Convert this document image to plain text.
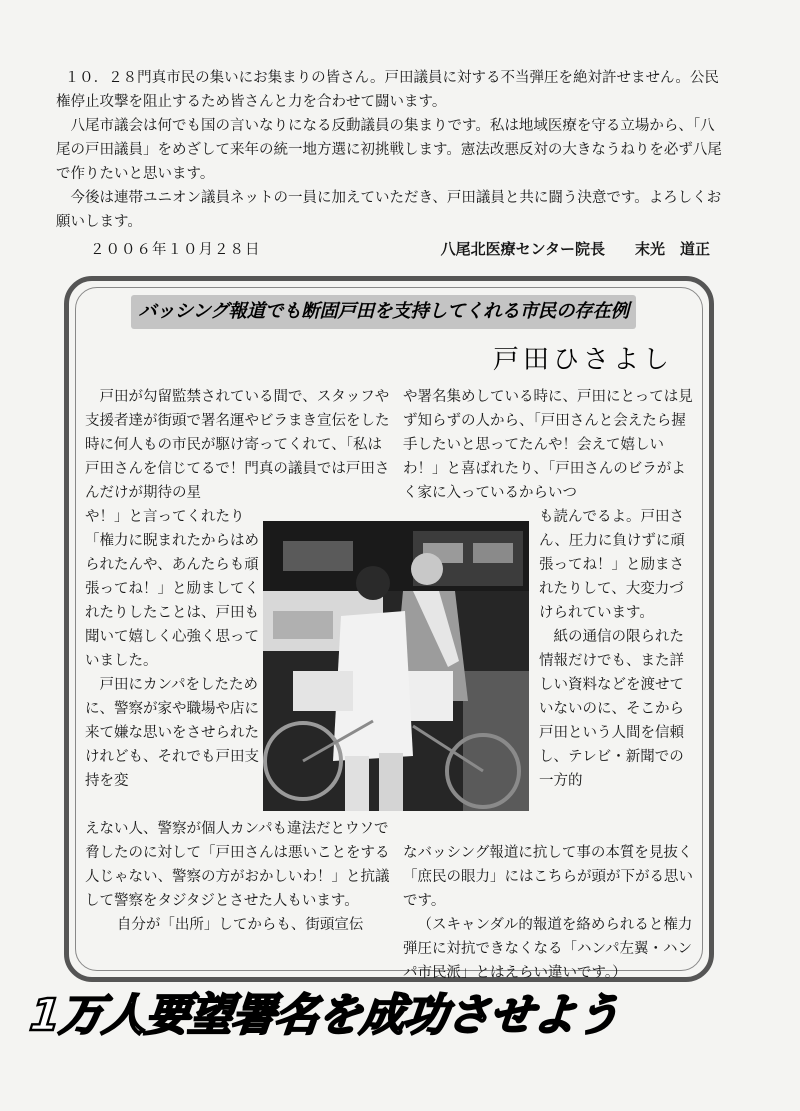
１０．２８門真市民の集いにお集まりの皆さん。戸田議員に対する不当弾圧を絶対許せません。公民権停止攻撃を阻止するため皆さんと力を合わせて闘います。

八尾市議会は何でも国の言いなりになる反動議員の集まりです。私は地域医療を守る立場から、「八尾の戸田議員」をめざして来年の統一地方選に初挑戦します。憲法改悪反対の大きなうねりを必ず八尾で作りたいと思います。

今後は連帯ユニオン議員ネットの一員に加えていただき、戸田議員と共に闘う決意です。よろしくお願いします。

２００６年１０月２８日	八尾北医療センター院長　　末光　道正
バッシング報道でも断固戸田を支持してくれる市民の存在例
戸田ひさよし

戸田が勾留監禁されている間で、スタッフや支援者達が街頭で署名運やビラまき宣伝をした時に何人もの市民が駆け寄ってくれて、「私は戸田さんを信じてるで！門真の議員では戸田さんだけが期待の星

や！」と言ってくれたり「権力に睨まれたからはめられたんや、あんたらも頑張ってね！」と励ましてくれたりしたことは、戸田も聞いて嬉しく心強く思っていました。

戸田にカンパをしたために、警察が家や職場や店に来て嫌な思いをさせられたけれども、それでも戸田支持を変

えない人、警察が個人カンパも違法だとウソで脅したのに対して「戸田さんは悪いことをする人じゃない、警察の方がおかしいわ！」と抗議して警察をタジタジとさせた人もいます。

自分が「出所」してからも、街頭宣伝

や署名集めしている時に、戸田にとっては見ず知らずの人から、「戸田さんと会えたら握手したいと思ってたんや！会えて嬉しいわ！」と喜ばれたり、「戸田さんのビラがよく家に入っているからいつ

も読んでるよ。戸田さん、圧力に負けずに頑張ってね！」と励まされたりして、大変力づけられています。

紙の通信の限られた情報だけでも、また詳しい資料などを渡せていないのに、そこから戸田という人間を信頼し、テレビ・新聞での一方的

なバッシング報道に抗して事の本質を見抜く「庶民の眼力」にはこちらが頭が下がる思いです。

（スキャンダル的報道を絡められると権力弾圧に対抗できなくなる「ハンパ左翼・ハンパ市民派」とはえらい違いです。）

1万人要望署名を成功させよう
